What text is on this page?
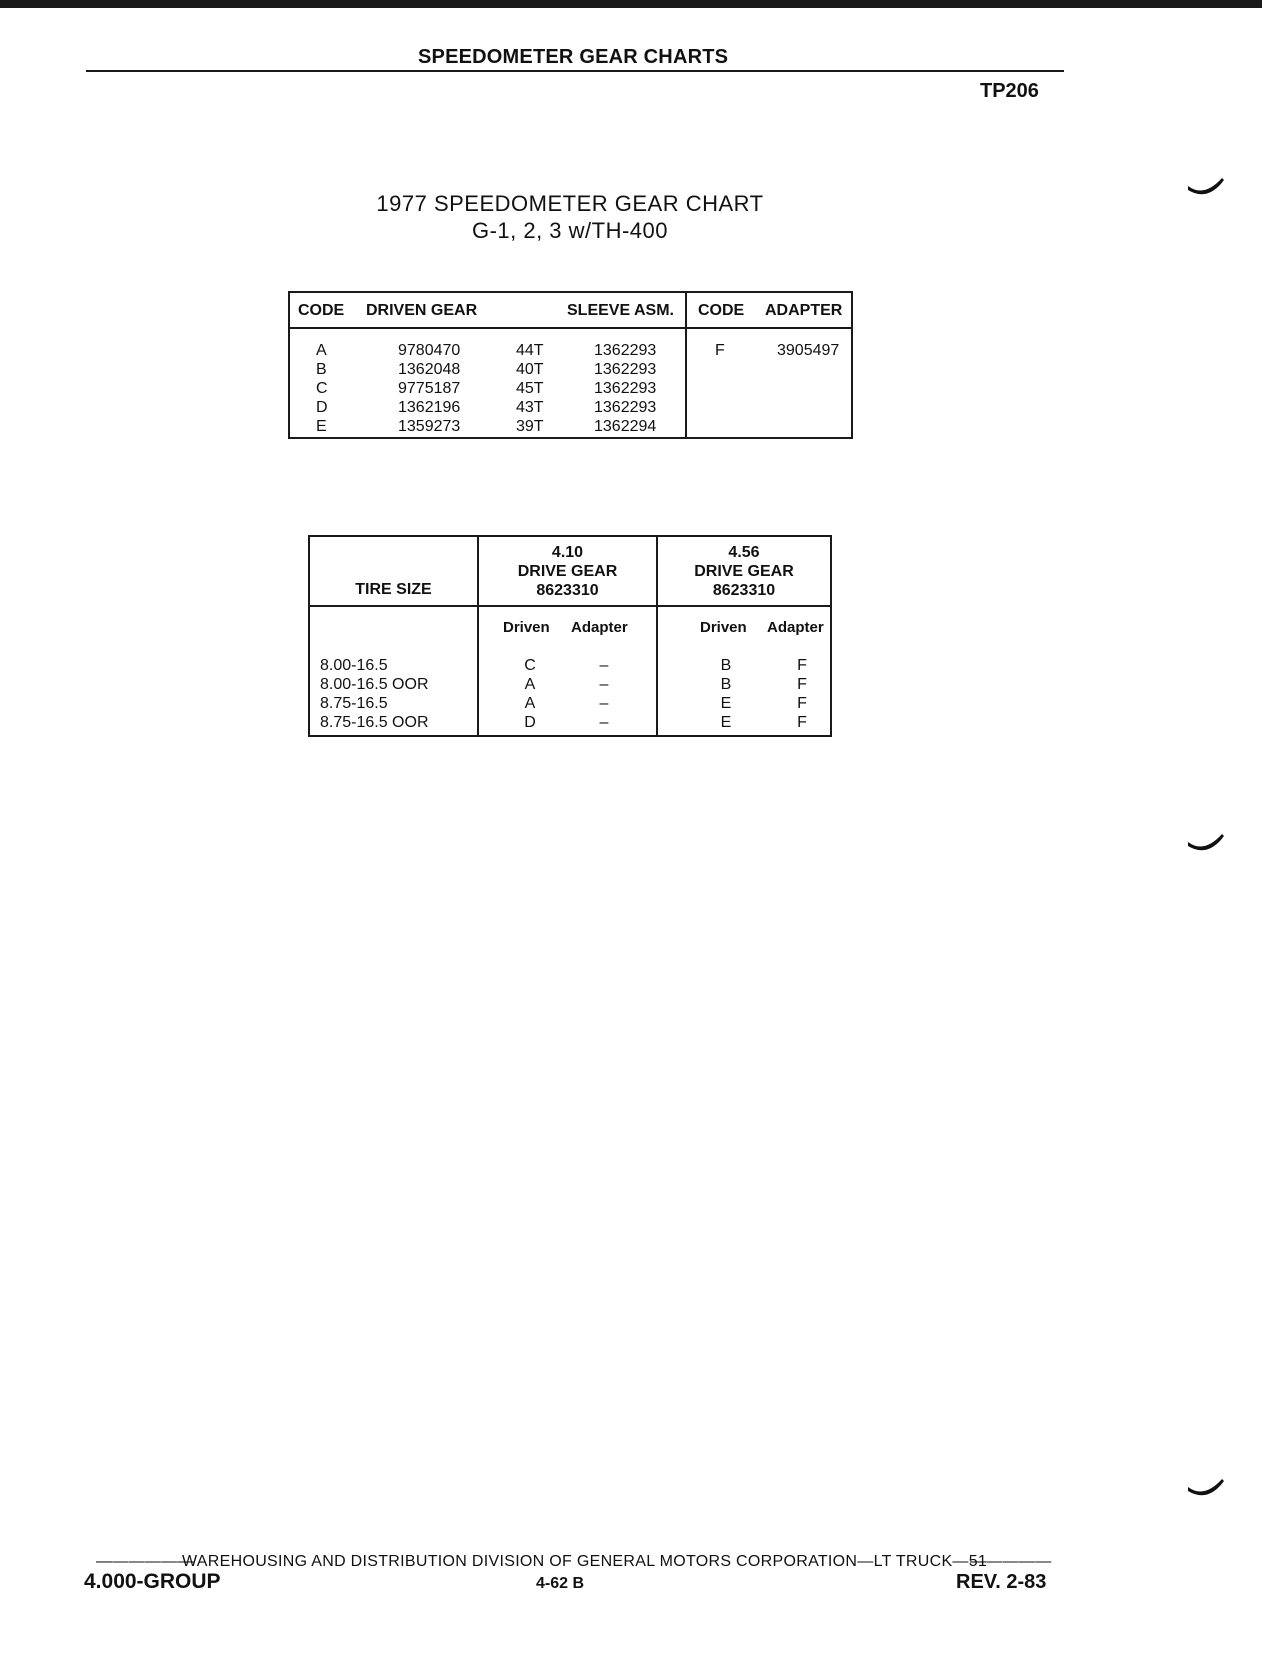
SPEEDOMETER GEAR CHARTS
TP206
1977 SPEEDOMETER GEAR CHART
G-1, 2, 3 w/TH-400
CODE DRIVEN GEAR	SLEEVE ASM. CODE ADAPTER
A	9780470	44T	1362293	F	3905497
B	1362048	40T	1362293
C	9775187	45T	1362293
D	1362196	43T	1362293
E	1359273	39T	1362294
TIRE SIZE
4.10
DRIVE GEAR
8623310
4.56
DRIVE GEAR
8623310
Driven Adapter	Driven Adapter
8.00-16.5	C	–	B	F
8.00-16.5 OOR	A	–	B	F
8.75-16.5	A	–	E	F
8.75-16.5 OOR	D	–	E	F
——————
WAREHOUSING AND DISTRIBUTION DIVISION OF GENERAL MOTORS CORPORATION—LT TRUCK—51
—————
4.000-GROUP	4-62 B	REV. 2-83
